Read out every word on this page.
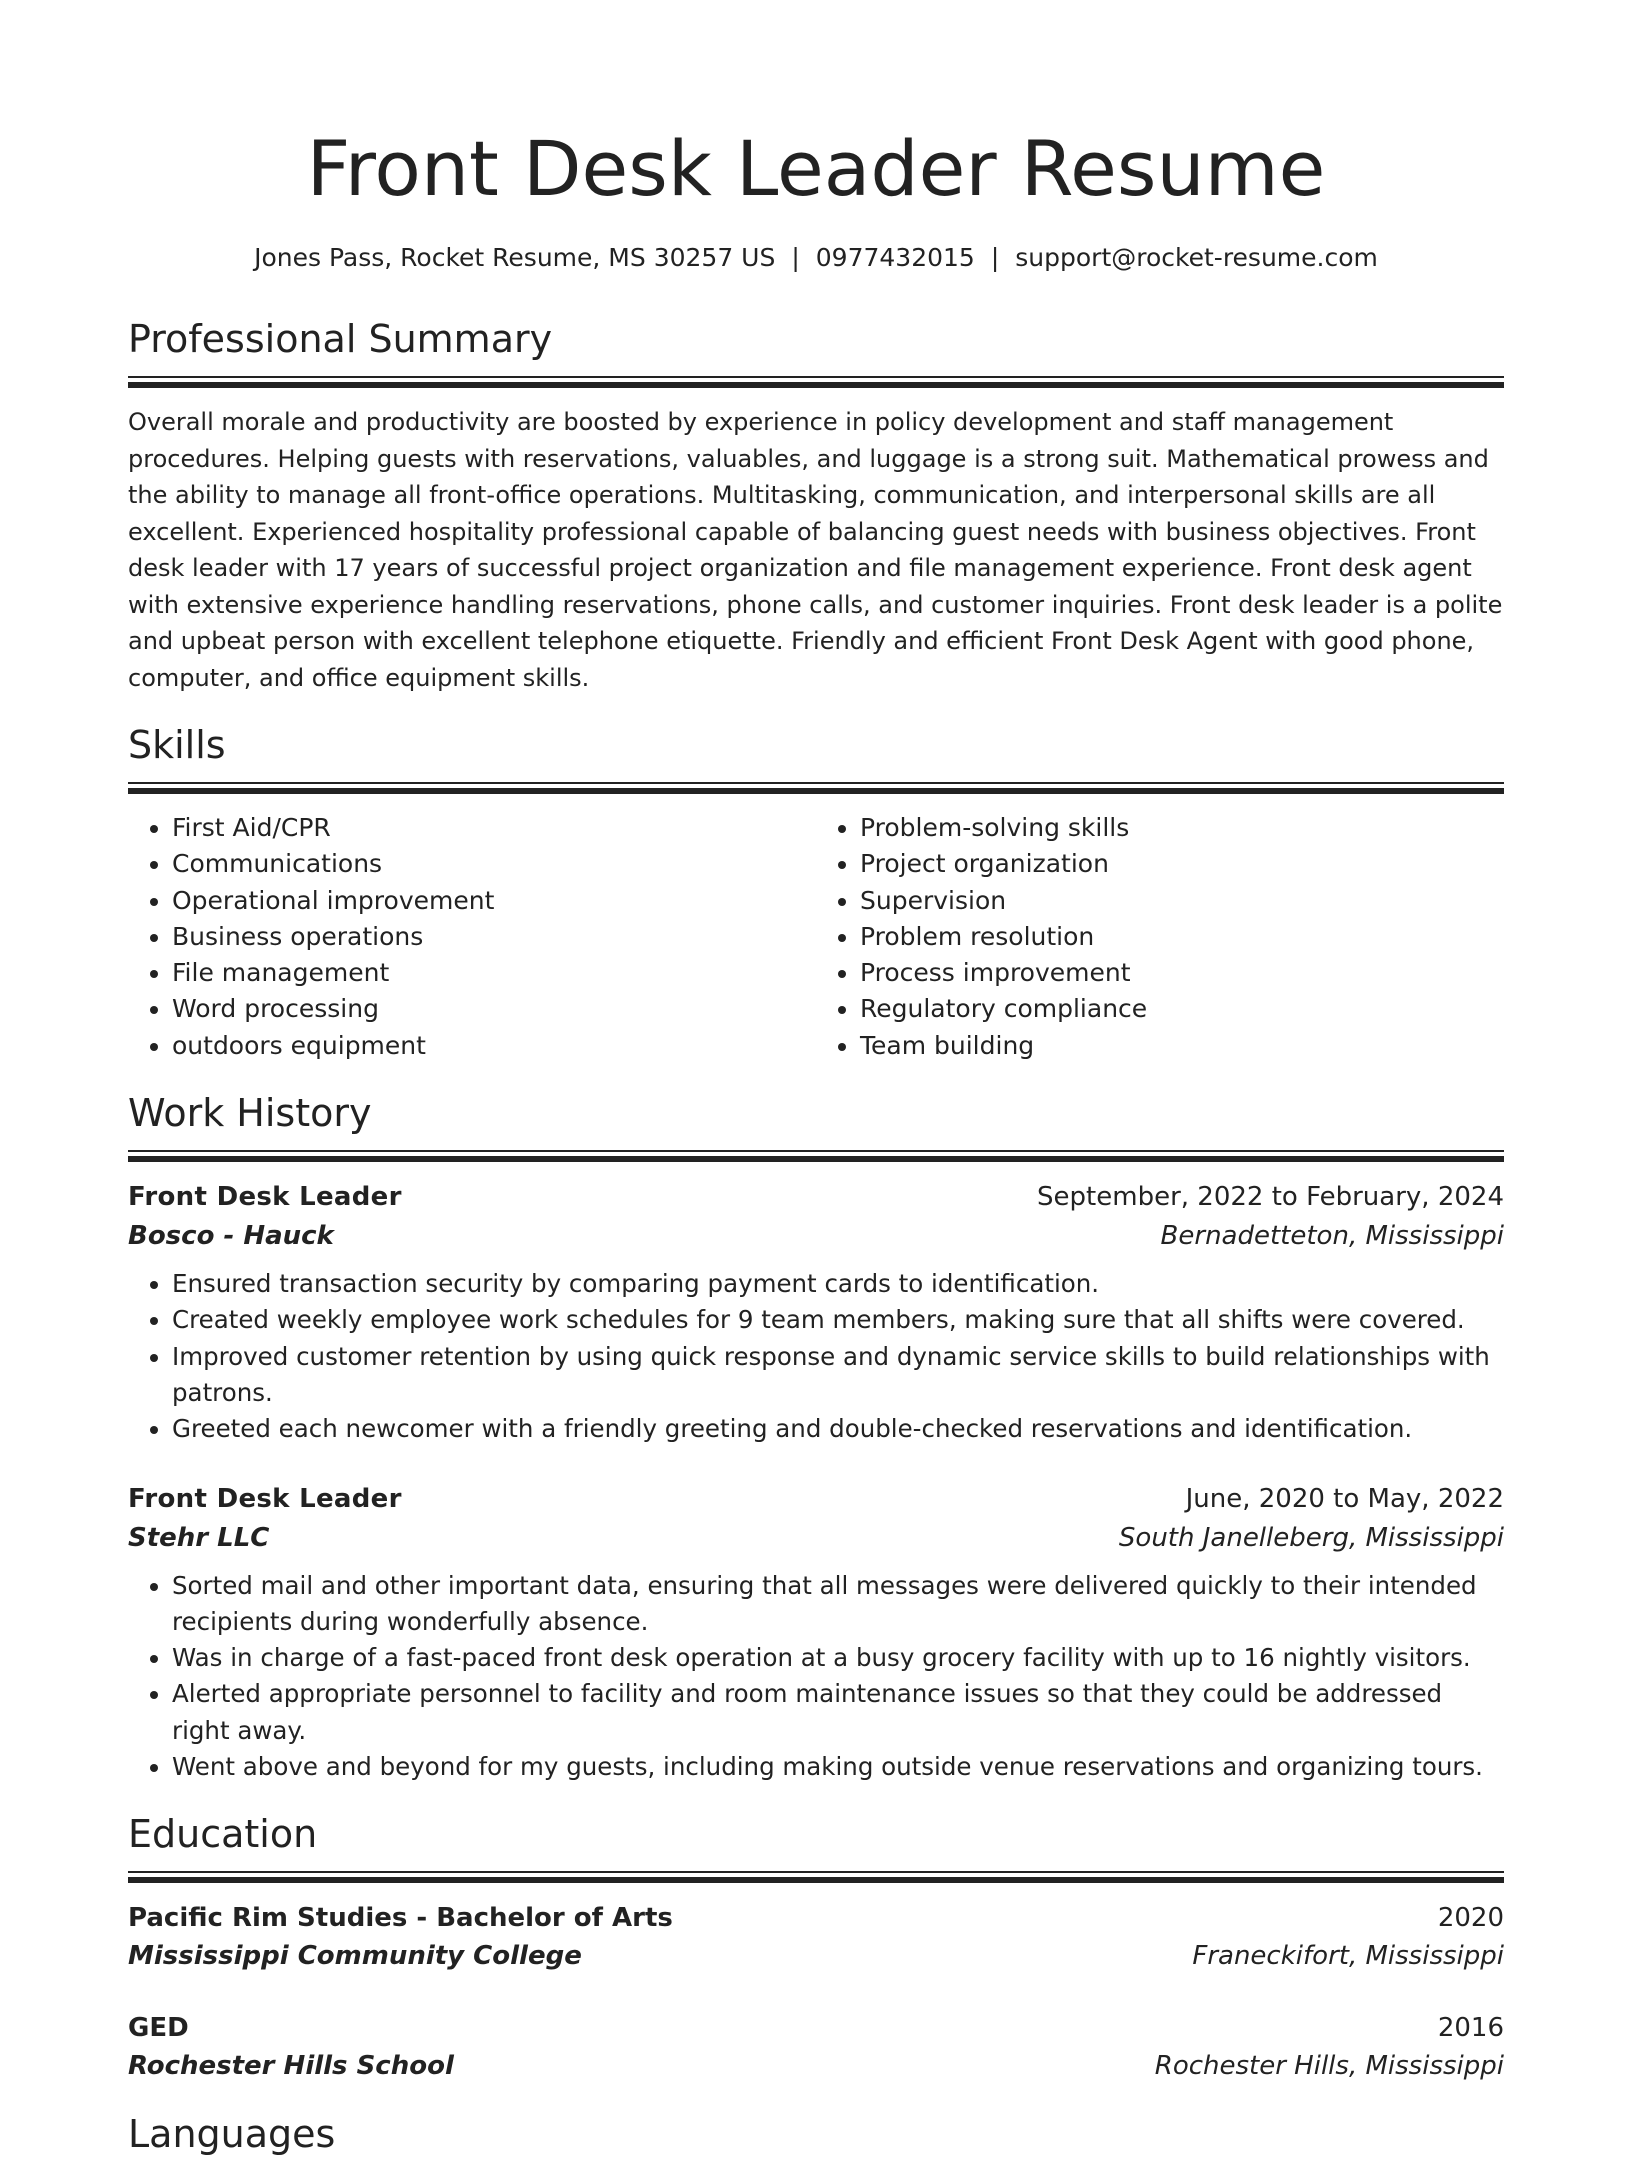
Front Desk Leader Resume
Jones Pass, Rocket Resume, MS 30257 US | 0977432015 | support@rocket-resume.com
Professional Summary
Overall morale and productivity are boosted by experience in policy development and staff management procedures. Helping guests with reservations, valuables, and luggage is a strong suit. Mathematical prowess and the ability to manage all front-office operations. Multitasking, communication, and interpersonal skills are all excellent. Experienced hospitality professional capable of balancing guest needs with business objectives. Front desk leader with 17 years of successful project organization and file management experience. Front desk agent with extensive experience handling reservations, phone calls, and customer inquiries. Front desk leader is a polite and upbeat person with excellent telephone etiquette. Friendly and efficient Front Desk Agent with good phone, computer, and office equipment skills.
Skills
• First Aid/CPR
• Communications
• Operational improvement
• Business operations
• File management
• Word processing
• outdoors equipment
• Problem-solving skills
• Project organization
• Supervision
• Problem resolution
• Process improvement
• Regulatory compliance
• Team building
Work History
Front Desk Leader	September, 2022 to February, 2024
Bosco - Hauck	Bernadetteton, Mississippi
• Ensured transaction security by comparing payment cards to identification.
• Created weekly employee work schedules for 9 team members, making sure that all shifts were covered.
• Improved customer retention by using quick response and dynamic service skills to build relationships with patrons.
• Greeted each newcomer with a friendly greeting and double-checked reservations and identification.
Front Desk Leader	June, 2020 to May, 2022
Stehr LLC	South Janelleberg, Mississippi
• Sorted mail and other important data, ensuring that all messages were delivered quickly to their intended recipients during wonderfully absence.
• Was in charge of a fast-paced front desk operation at a busy grocery facility with up to 16 nightly visitors.
• Alerted appropriate personnel to facility and room maintenance issues so that they could be addressed right away.
• Went above and beyond for my guests, including making outside venue reservations and organizing tours.
Education
Pacific Rim Studies - Bachelor of Arts	2020
Mississippi Community College	Franeckifort, Mississippi
GED	2016
Rochester Hills School	Rochester Hills, Mississippi
Languages
